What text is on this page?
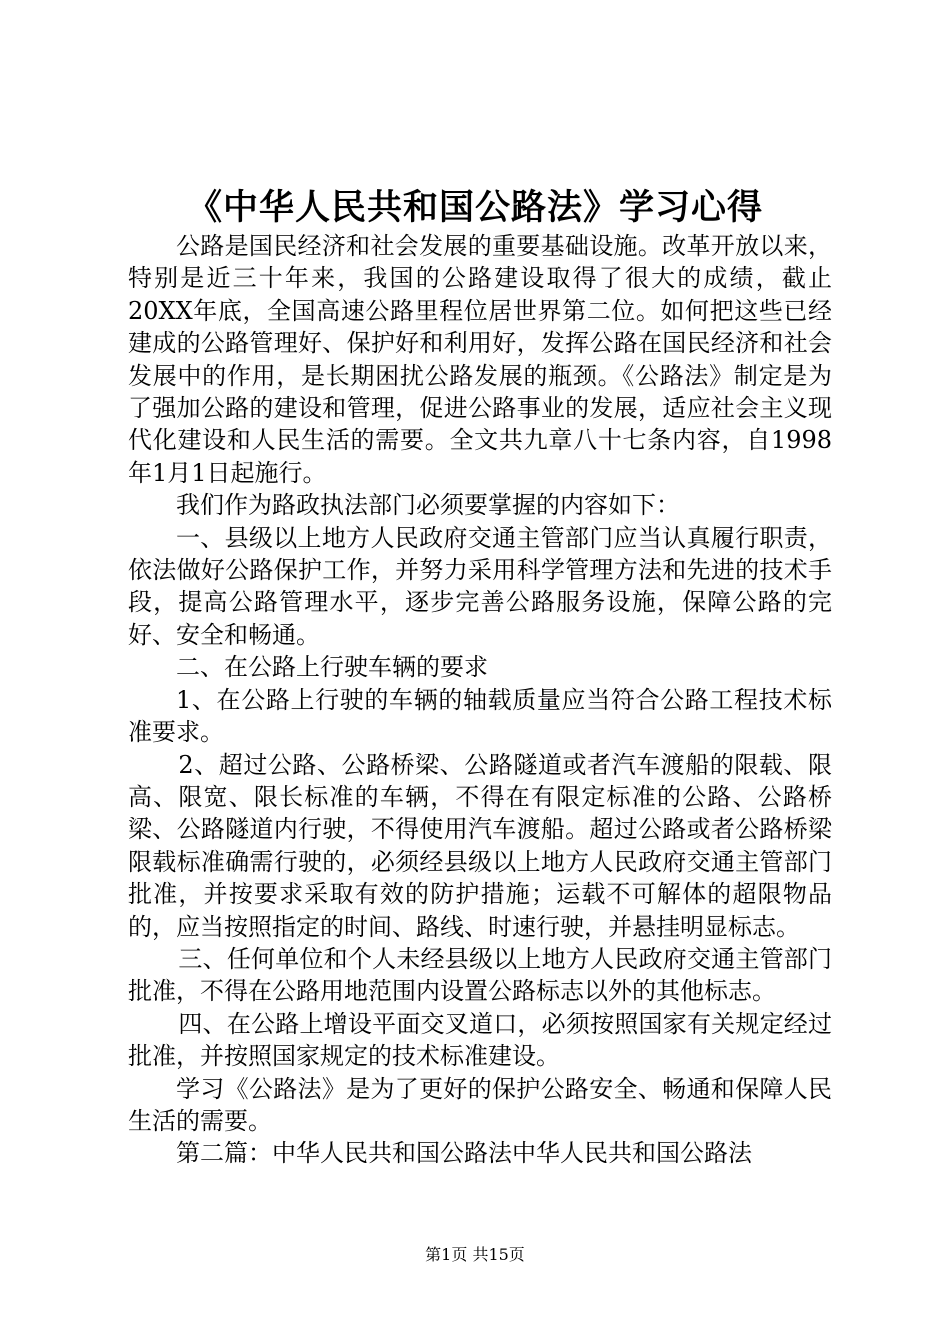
《中华人民共和国公路法》学习心得

公路是国民经济和社会发展的重要基础设施。改革开放以来，特别是近三十年来，我国的公路建设取得了很大的成绩，截止20XX年底，全国高速公路里程位居世界第二位。如何把这些已经建成的公路管理好、保护好和利用好，发挥公路在国民经济和社会发展中的作用，是长期困扰公路发展的瓶颈。《公路法》制定是为了强加公路的建设和管理，促进公路事业的发展，适应社会主义现代化建设和人民生活的需要。全文共九章八十七条内容，自1998年1月1日起施行。

我们作为路政执法部门必须要掌握的内容如下：

一、县级以上地方人民政府交通主管部门应当认真履行职责，依法做好公路保护工作，并努力采用科学管理方法和先进的技术手段，提高公路管理水平，逐步完善公路服务设施，保障公路的完好、安全和畅通。

二、在公路上行驶车辆的要求

1、在公路上行驶的车辆的轴载质量应当符合公路工程技术标准要求。

2、超过公路、公路桥梁、公路隧道或者汽车渡船的限载、限高、限宽、限长标准的车辆，不得在有限定标准的公路、公路桥梁、公路隧道内行驶，不得使用汽车渡船。超过公路或者公路桥梁限载标准确需行驶的，必须经县级以上地方人民政府交通主管部门批准，并按要求采取有效的防护措施；运载不可解体的超限物品的，应当按照指定的时间、路线、时速行驶，并悬挂明显标志。

三、任何单位和个人未经县级以上地方人民政府交通主管部门批准，不得在公路用地范围内设置公路标志以外的其他标志。

四、在公路上增设平面交叉道口，必须按照国家有关规定经过批准，并按照国家规定的技术标准建设。

学习《公路法》是为了更好的保护公路安全、畅通和保障人民生活的需要。

第二篇：中华人民共和国公路法中华人民共和国公路法

第1页 共15页
